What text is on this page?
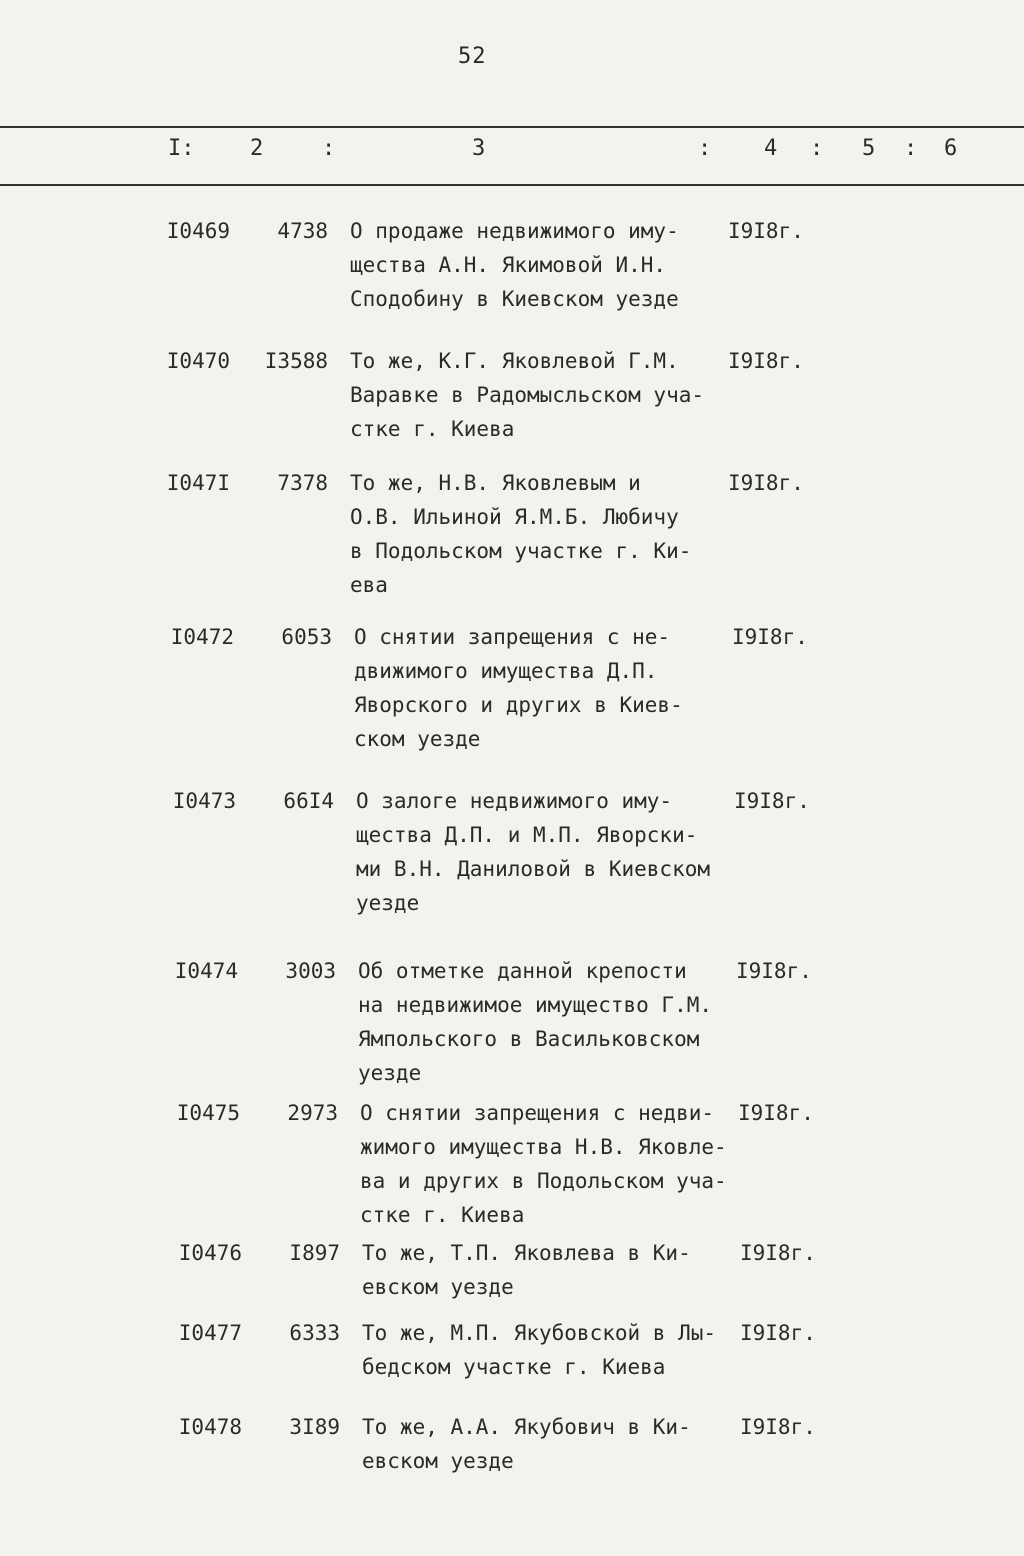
52
I:	2	:	3	: 4 : 5 : 6
I0469	4738 О продаже недвижимого иму-
щества А.Н. Якимовой И.Н.
Сподобину в Киевском уезде
I9I8г.
I0470	I3588 То же, К.Г. Яковлевой Г.М.
Варавке в Радомысльском уча-
стке г. Киева
I9I8г.
I047I	7378 То же, Н.В. Яковлевым и
О.В. Ильиной Я.М.Б. Любичу
в Подольском участке г. Ки-
ева
I9I8г.
I0472	6053 О снятии запрещения с не-
движимого имущества Д.П.
Яворского и других в Киев-
ском уезде
I9I8г.
I0473	66I4 О залоге недвижимого иму-
щества Д.П. и М.П. Яворски-
ми В.Н. Даниловой в Киевском
уезде
I9I8г.
I0474	3003 Об отметке данной крепости
на недвижимое имущество Г.М.
Ямпольского в Васильковском
уезде
I9I8г.
I0475	2973 О снятии запрещения с недви-
жимого имущества Н.В. Яковле-
ва и других в Подольском уча-
стке г. Киева
I9I8г.
I0476	I897 То же, Т.П. Яковлева в Ки-
евском уезде
I9I8г.
I0477	6333 То же, М.П. Якубовской в Лы-
бедском участке г. Киева
I9I8г.
I0478	3I89 То же, А.А. Якубович в Ки-
евском уезде
I9I8г.
